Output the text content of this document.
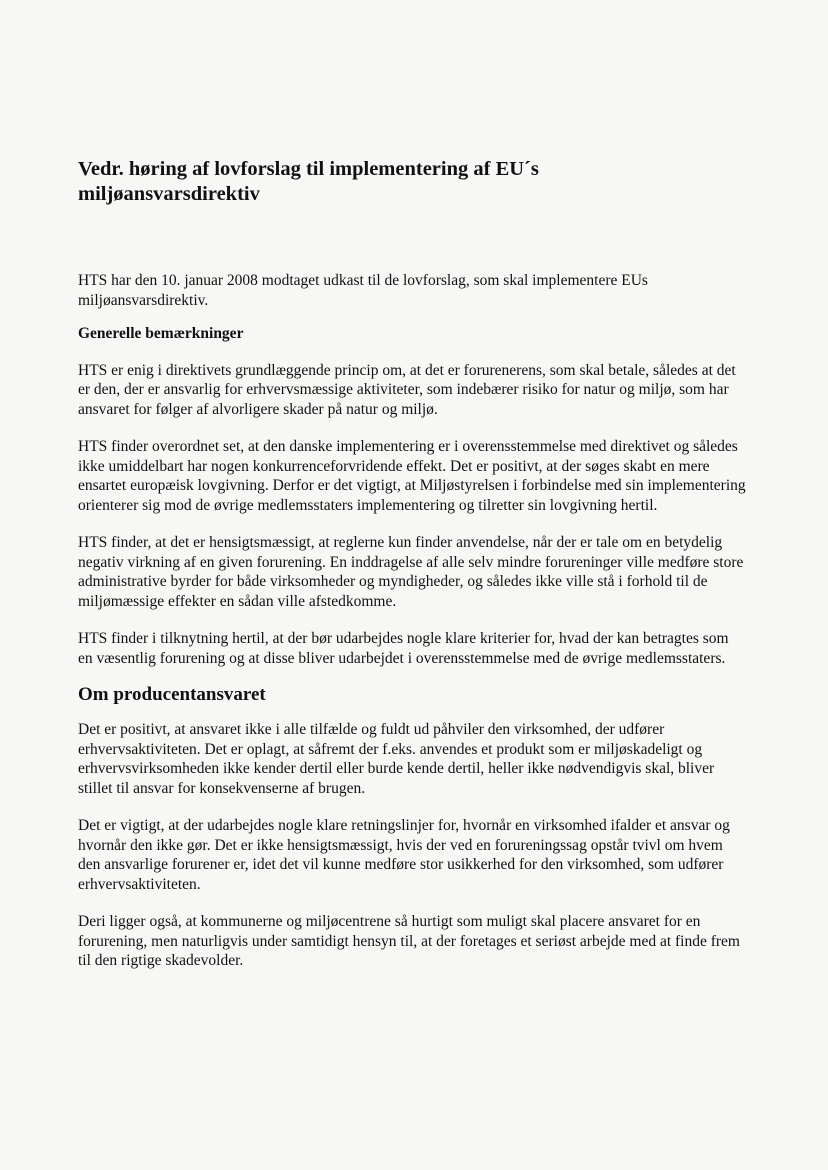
Vedr. høring af lovforslag til implementering af EU´s miljøansvarsdirektiv
HTS har den 10. januar 2008 modtaget udkast til de lovforslag, som skal implementere EUs miljøansvarsdirektiv.
Generelle bemærkninger
HTS er enig i direktivets grundlæggende princip om, at det er forurenerens, som skal betale, således at det er den, der er ansvarlig for erhvervsmæssige aktiviteter, som indebærer risiko for natur og miljø, som har ansvaret for følger af alvorligere skader på natur og miljø.
HTS finder overordnet set, at den danske implementering er i overensstemmelse med direktivet og således ikke umiddelbart har nogen konkurrenceforvridende effekt. Det er positivt, at der søges skabt en mere ensartet europæisk lovgivning. Derfor er det vigtigt, at Miljøstyrelsen i forbindelse med sin implementering orienterer sig mod de øvrige medlemsstaters implementering og tilretter sin lovgivning hertil.
HTS finder, at det er hensigtsmæssigt, at reglerne kun finder anvendelse, når der er tale om en betydelig negativ virkning af en given forurening. En inddragelse af alle selv mindre forureninger ville medføre store administrative byrder for både virksomheder og myndigheder, og således ikke ville stå i forhold til de miljømæssige effekter en sådan ville afstedkomme.
HTS finder i tilknytning hertil, at der bør udarbejdes nogle klare kriterier for, hvad der kan betragtes som en væsentlig forurening og at disse bliver udarbejdet i overensstemmelse med de øvrige medlemsstaters.
Om producentansvaret
Det er positivt, at ansvaret ikke i alle tilfælde og fuldt ud påhviler den virksomhed, der udfører erhvervsaktiviteten. Det er oplagt, at såfremt der f.eks. anvendes et produkt som er miljøskadeligt og erhvervsvirksomheden ikke kender dertil eller burde kende dertil, heller ikke nødvendigvis skal, bliver stillet til ansvar for konsekvenserne af brugen.
Det er vigtigt, at der udarbejdes nogle klare retningslinjer for, hvornår en virksomhed ifalder et ansvar og hvornår den ikke gør. Det er ikke hensigtsmæssigt, hvis der ved en forureningssag opstår tvivl om hvem den ansvarlige forurener er, idet det vil kunne medføre stor usikkerhed for den virksomhed, som udfører erhvervsaktiviteten.
Deri ligger også, at kommunerne og miljøcentrene så hurtigt som muligt skal placere ansvaret for en forurening, men naturligvis under samtidigt hensyn til, at der foretages et seriøst arbejde med at finde frem til den rigtige skadevolder.
